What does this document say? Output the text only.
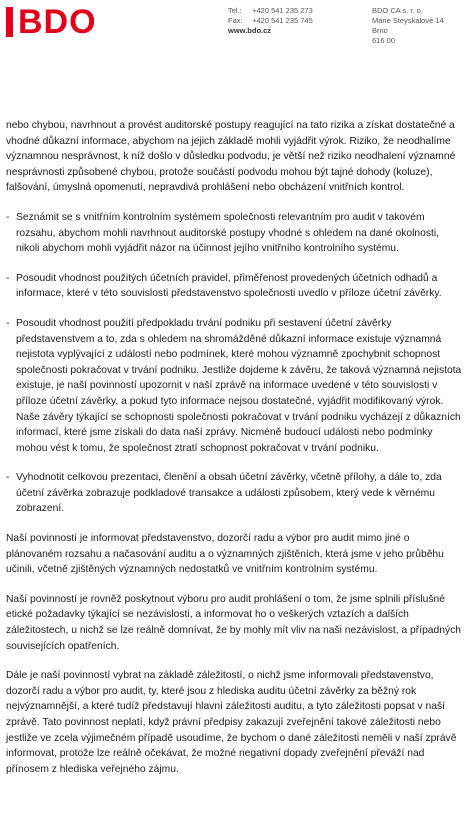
BDO	Tel.: +420 541 235 273
Fax: +420 541 235 745
www.bdo.cz
BDO CA s. r. o.
Marie Steyskalové 14
Brno
616 00

nebo chybou, navrhnout a provést auditorské postupy reagující na tato rizika a získat dostatečné a vhodné důkazní informace, abychom na jejich základě mohli vyjádřit výrok. Riziko, že neodhalíme významnou nesprávnost, k níž došlo v důsledku podvodu, je větší než riziko neodhalení významné nesprávnosti způsobené chybou, protože součástí podvodu mohou být tajné dohody (koluze), falšování, úmyslná opomenutí, nepravdivá prohlášení nebo obcházení vnitřních kontrol.

- Seznámit se s vnitřním kontrolním systémem společnosti relevantním pro audit v takovém rozsahu, abychom mohli navrhnout auditorské postupy vhodné s ohledem na dané okolnosti, nikoli abychom mohli vyjádřit názor na účinnost jejího vnitřního kontrolního systému.
- Posoudit vhodnost použitých účetních pravidel, přiměřenost provedených účetních odhadů a informace, které v této souvislosti představenstvo společnosti uvedlo v příloze účetní závěrky.
- Posoudit vhodnost použití předpokladu trvání podniku při sestavení účetní závěrky představenstvem a to, zda s ohledem na shromážděné důkazní informace existuje významná nejistota vyplývající z událostí nebo podmínek, které mohou významně zpochybnit schopnost společnosti pokračovat v trvání podniku. Jestliže dojdeme k závěru, že taková významná nejistota existuje, je naší povinností upozornit v naší zprávě na informace uvedené v této souvislosti v příloze účetní závěrky, a pokud tyto informace nejsou dostatečné, vyjádřit modifikovaný výrok. Naše závěry týkající se schopnosti společnosti pokračovat v trvání podniku vycházejí z důkazních informací, které jsme získali do data naší zprávy. Nicméně budoucí události nebo podmínky mohou vést k tomu, že společnost ztratí schopnost pokračovat v trvání podniku.
- Vyhodnotit celkovou prezentaci, členění a obsah účetní závěrky, včetně přílohy, a dále to, zda účetní závěrka zobrazuje podkladové transakce a události způsobem, který vede k věrnému zobrazení.

Naší povinností je informovat představenstvo, dozorčí radu a výbor pro audit mimo jiné o plánovaném rozsahu a načasování auditu a o významných zjištěních, která jsme v jeho průběhu učinili, včetně zjištěných významných nedostatků ve vnitřním kontrolním systému.

Naší povinností je rovněž poskytnout výboru pro audit prohlášení o tom, že jsme splnili příslušné etické požadavky týkající se nezávislosti, a informovat ho o veškerých vztazích a dalších záležitostech, u nichž se lze reálně domnívat, že by mohly mít vliv na naši nezávislost, a případných souvisejících opatřeních.

Dále je naší povinností vybrat na základě záležitostí, o nichž jsme informovali představenstvo, dozorčí radu a výbor pro audit, ty, které jsou z hlediska auditu účetní závěrky za běžný rok nejvýznamnější, a které tudíž představují hlavní záležitosti auditu, a tyto záležitosti popsat v naší zprávě. Tato povinnost neplatí, když právní předpisy zakazují zveřejnění takové záležitosti nebo jestliže ve zcela výjimečném případě usoudíme, že bychom o dané záležitosti neměli v naší zprávě informovat, protože lze reálně očekávat, že možné negativní dopady zveřejnění převáží nad přínosem z hlediska veřejného zájmu.
